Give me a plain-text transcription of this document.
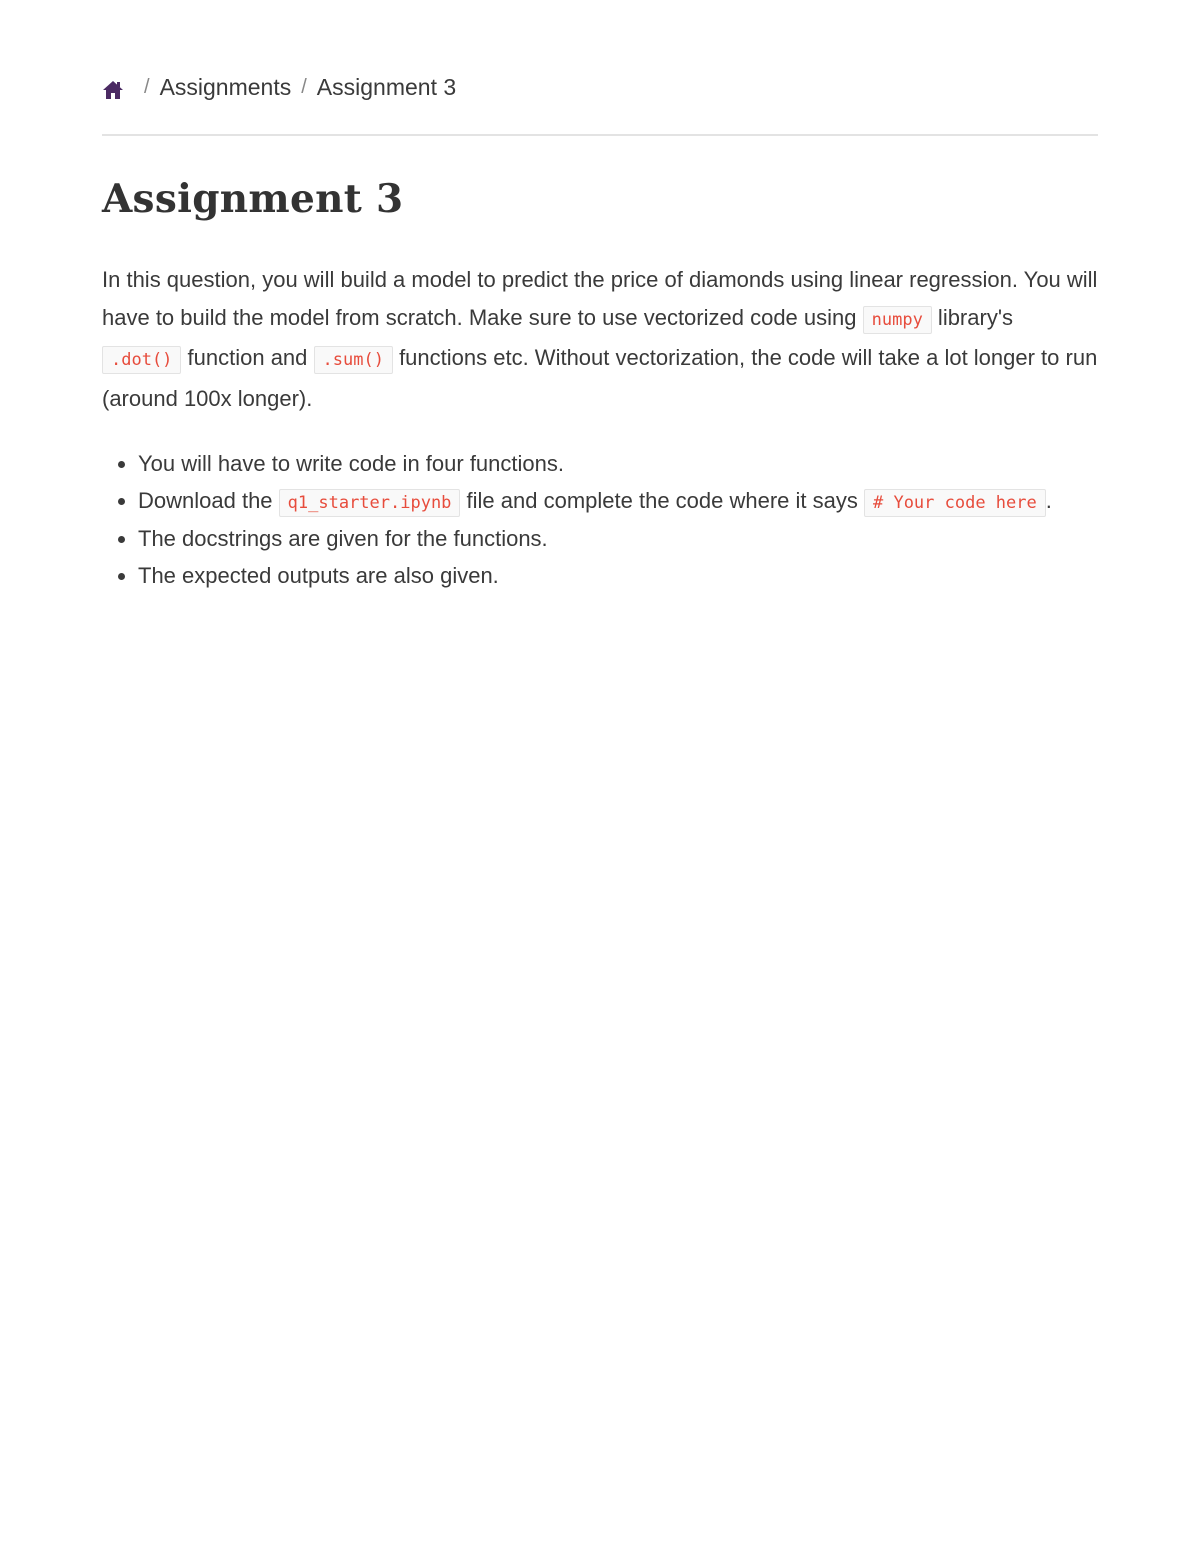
/ Assignments / Assignment 3
Assignment 3

In this question, you will build a model to predict the price of diamonds using linear regression. You will have to build the model from scratch. Make sure to use vectorized code using numpy library's .dot() function and .sum() functions etc. Without vectorization, the code will take a lot longer to run (around 100x longer).

• You will have to write code in four functions.
• Download the q1_starter.ipynb file and complete the code where it says # Your code here .
• The docstrings are given for the functions.
• The expected outputs are also given.
